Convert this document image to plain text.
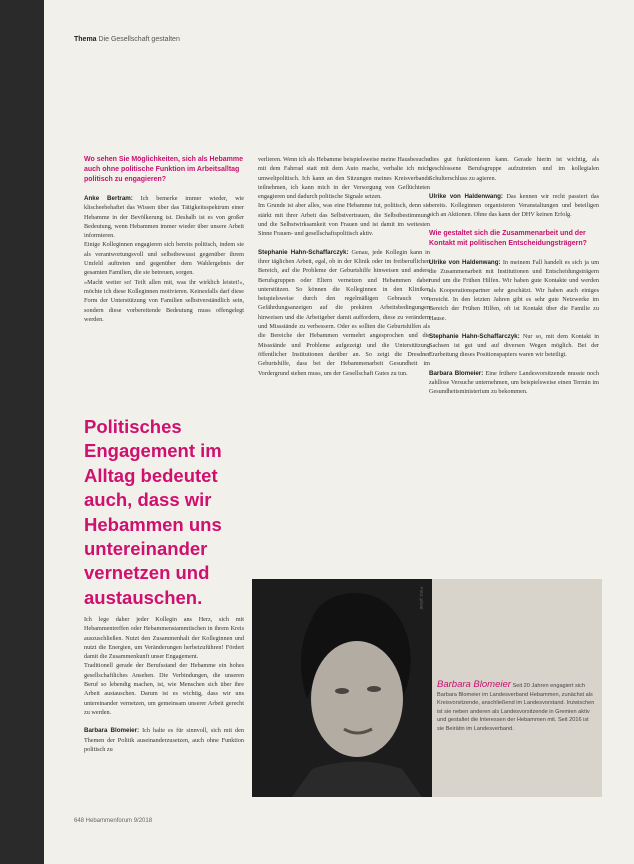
Thema Die Gesellschaft gestalten

Wo sehen Sie Möglichkeiten, sich als Hebamme auch ohne politische Funktion im Arbeitsalltag politisch zu engagieren?

Anke Bertram: Ich bemerke immer wieder, wie klischeebehaftet das Wissen über das Tätigkeitsspektrum einer Hebamme in der Bevölkerung ist. Deshalb ist es von großer Bedeutung, wenn Hebammen immer wieder über unsere Arbeit informieren.

Einige Kolleginnen engagieren sich bereits politisch, indem sie als verantwortungsvoll und selbstbewusst gegenüber ihrem Umfeld auftreten und gegenüber dem Wahlergebnis der gesamten Familien, die sie betreuen, sorgen.

»Macht weiter so! Teilt allen mit, was ihr wirklich leistet!«, möchte ich diese Kolleginnen motivieren. Keinesfalls darf diese Form der Unterstützung von Familien selbstverständlich sein, sondern diese vorbereitende Bedeutung muss offengelegt werden.

Politisches Engagement im Alltag bedeutet auch, dass wir Hebammen uns untereinander vernetzen und austauschen.

Ich lege daher jeder Kollegin ans Herz, sich mit Hebammentreffen oder Hebammenstammtischen in ihrem Kreis auszuschließen. Nutzt den Zusammenhalt der Kolleginnen und nutzt die Energien, um Veränderungen herbeizuführen! Fördert damit die Zusammenkunft unser Engagement.

Traditionell gerade der Berufsstand der Hebamme ein hohes gesellschaftliches Ansehen. Die Verbindungen, die unseren Beruf so lebendig machen, ist, wie Menschen sich über ihre Arbeit austauschen. Darum ist es wichtig, dass wir uns untereinander vernetzen, um gemeinsam unserer Arbeit gerecht zu werden.

Barbara Blomeier: Ich halte es für sinnvoll, sich mit den Themen der Politik auseinanderzusetzen, auch ohne Funktion politisch zu

verlieren. Wenn ich als Hebamme beispielsweise meine Hausbesuche mit dem Fahrrad statt mit dem Auto mache, verhalte ich mich umweltpolitisch. Ich kann an den Sitzungen meines Kreisverbands teilnehmen, ich kann mich in der Versorgung von Geflüchteten engagieren und dadurch politische Signale setzen.

Im Grunde ist aber alles, was eine Hebamme tut, politisch, denn sie stärkt mit ihrer Arbeit das Selbstvertrauen, die Selbstbestimmung und die Selbstwirksamkeit von Frauen und ist damit im weitesten Sinne Frauen- und gesellschaftspolitisch aktiv.

Stephanie Hahn-Schaffarczyk: Genau, jede Kollegin kann in ihrer täglichen Arbeit, egal, ob in der Klinik oder im freiberuflichen Bereich, auf die Probleme der Geburtshilfe hinweisen und andere Berufsgruppen oder Eltern vernetzen und Hebammen dabei unterstützen. So können die Kolleginnen in den Kliniken beispielsweise durch den regelmäßigen Gebrauch von Gefährdungsanzeigen auf die prekären Arbeitsbedingungen hinweisen und die Arbeitgeber damit auffordern, diese zu verändern und Missstände zu verbessern. Oder es sollten die Geburtshilfen als die Bereiche der Hebammen vermehrt angesprochen und die Missstände und Probleme aufgezeigt und die Unterstützung öffentlicher Institutionen darüber an. So zeigt die Dresdner Geburtshilfe, dass bei der Hebammenarbeit Gesundheit im Vordergrund stehen muss, um der Gesellschaft Gutes zu tun.

dies gut funktionieren kann. Gerade hierin ist wichtig, als geschlossene Berufsgruppe aufzutreten und im kollegialen Schulterschluss zu agieren.

Ulrike von Haldenwang: Das kennen wir recht passiert das bereits. Kolleginnen organisieren Veranstaltungen und beteiligen sich an Aktionen. Ohne das kann der DHV keinen Erfolg.

Wie gestaltet sich die Zusammenarbeit und der Kontakt mit politischen Entscheidungsträgern?

Ulrike von Haldenwang: In meinem Fall handelt es sich ja um die Zusammenarbeit mit Institutionen und Entscheidungsträgern rund um die Frühen Hilfen. Wir haben gute Kontakte und werden als Kooperationspartner sehr geschätzt. Wir haben auch einiges erreicht. In den letzten Jahren gibt es sehr gute Netzwerke im Bereich der Frühen Hilfen, oft ist Kontakt über die Familie zu Hause.

Stephanie Hahn-Schaffarczyk: Nur so, mit dem Kontakt in Sachsen ist gut und auf diversen Wegen möglich. Bei der Erarbeitung dieses Positionspapiers waren wir beteiligt.

Barbara Blomeier: Eine frühere Landesvorsitzende musste noch zahllose Versuche unternehmen, um beispielsweise einen Termin im Gesundheitsministerium zu bekommen.

Foto: privat
Barbara Blomeier Seit 20 Jahren engagiert sich Barbara Blomeier im Landesverband Hebammen, zunächst als Kreisvorsitzende, anschließend im Landesvorstand. Inzwischen ist sie neben anderen als Landesvorsitzende in Gremien aktiv und gestaltet die Interessen der Hebammen mit. Seit 2016 ist sie Beirätin im Landesverband.
648 Hebammenforum 9/2018
